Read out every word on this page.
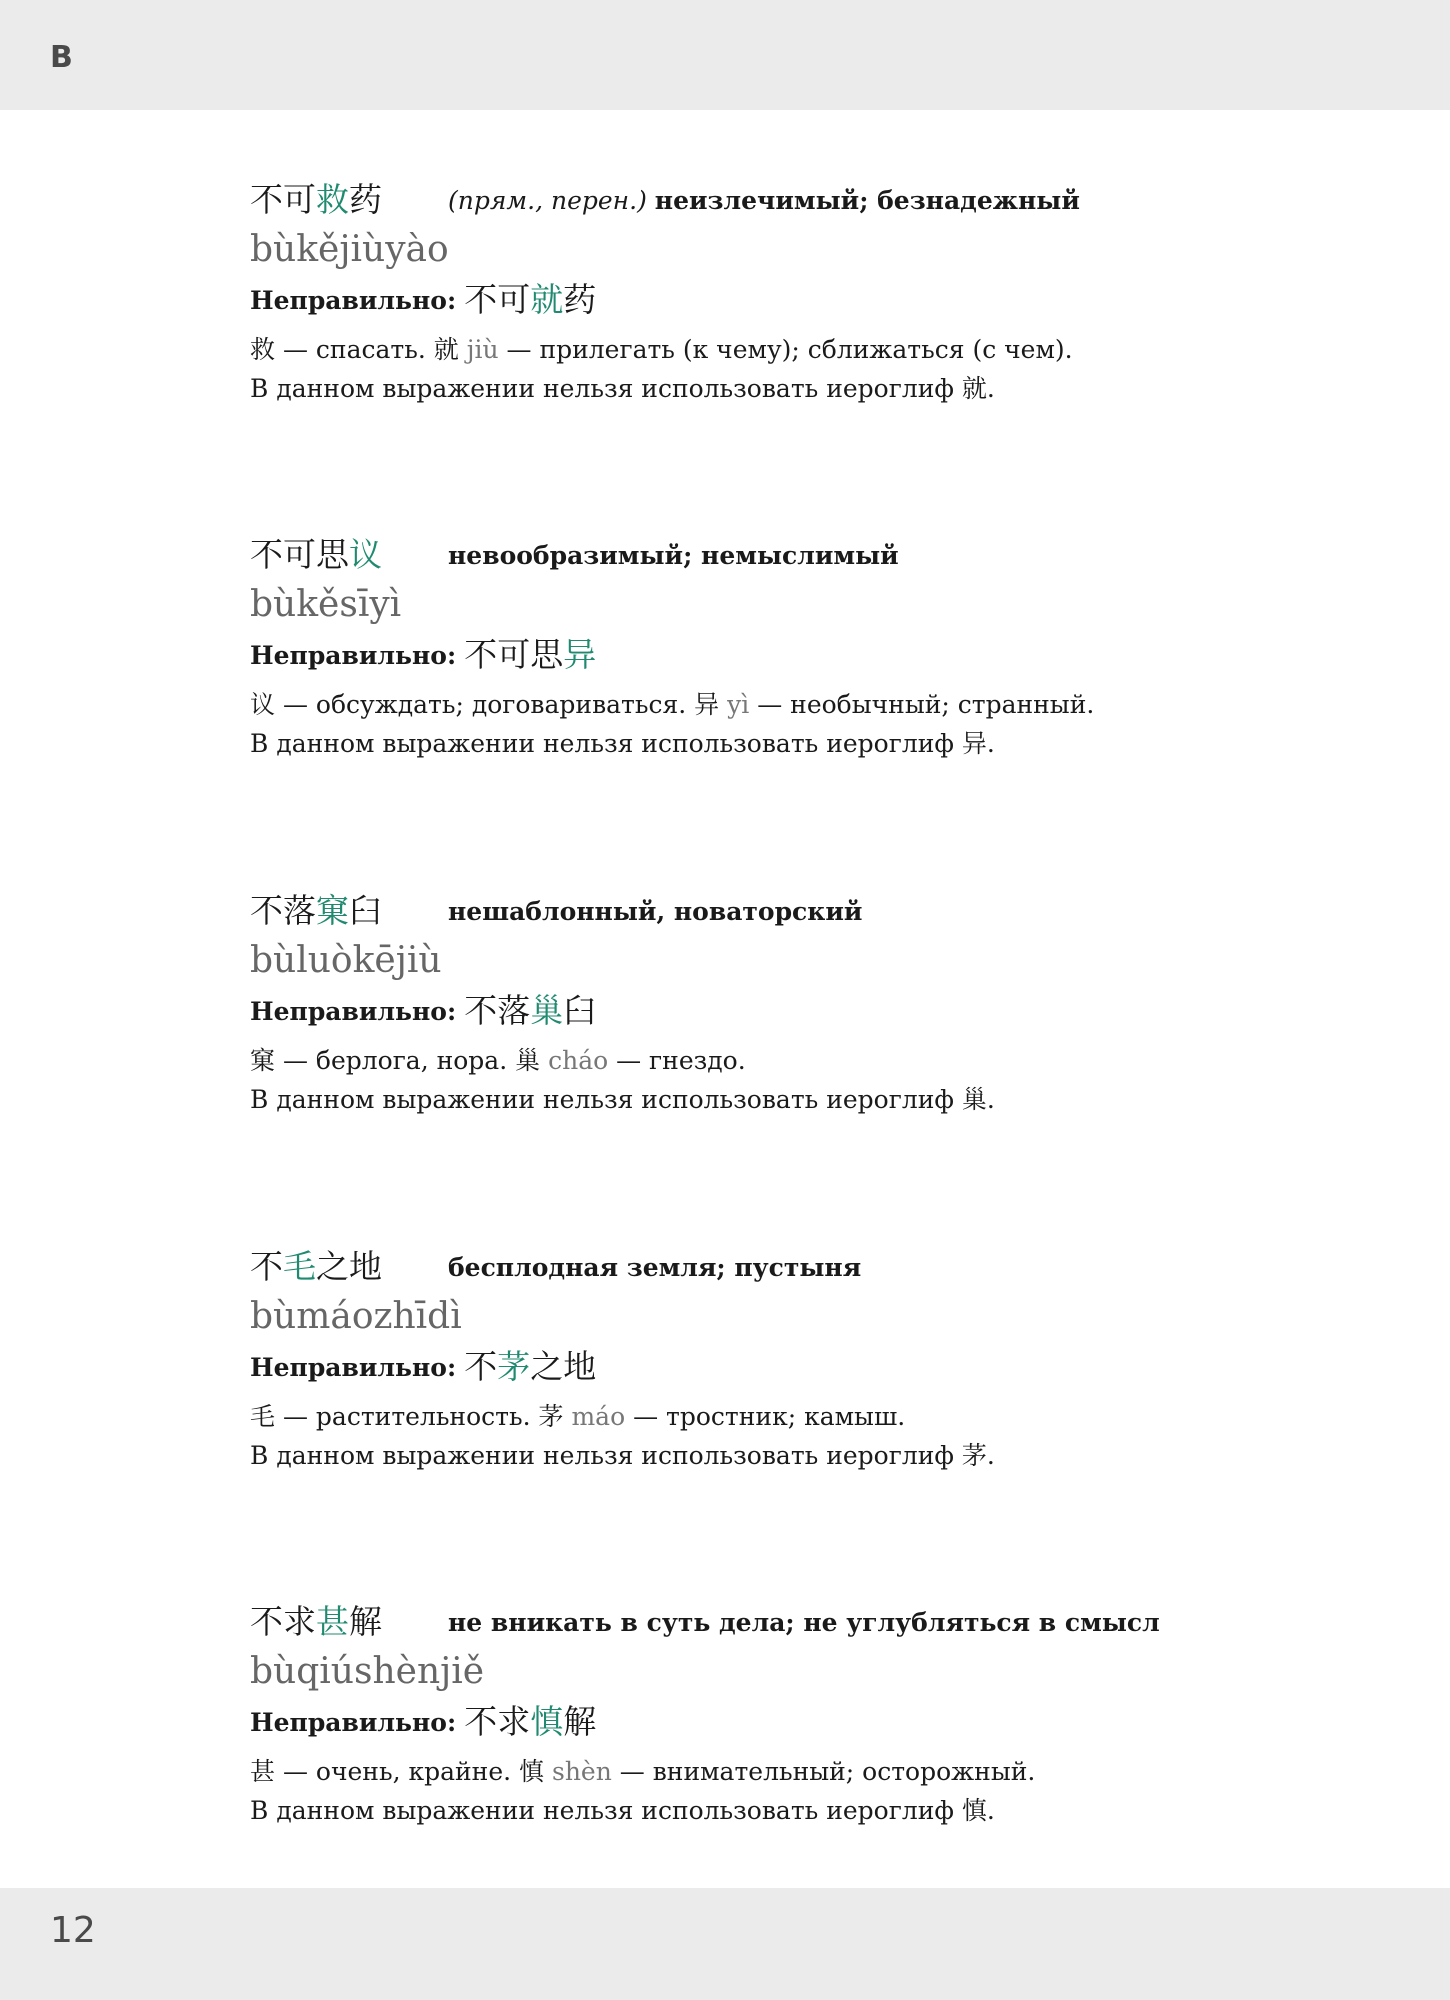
B
不可救药	(прям., перен.) неизлечимый; безнадежный
bùkějiùyào
Неправильно: 不可就药
救 — спасать. 就 jiù — прилегать (к чему); сближаться (с чем).
В данном выражении нельзя использовать иероглиф 就.
不可思议	невообразимый; немыслимый
bùkěsīyì
Неправильно: 不可思异
议 — обсуждать; договариваться. 异 yì — необычный; странный.
В данном выражении нельзя использовать иероглиф 异.
不落窠臼	нешаблонный, новаторский
bùluòkējiù
Неправильно: 不落巢臼
窠 — берлога, нора. 巢 cháo — гнездо.
В данном выражении нельзя использовать иероглиф 巢.
不毛之地	бесплодная земля; пустыня
bùmáozhīdì
Неправильно: 不茅之地
毛 — растительность. 茅 máo — тростник; камыш.
В данном выражении нельзя использовать иероглиф 茅.
不求甚解	не вникать в суть дела; не углубляться в смысл
bùqiúshènjiě
Неправильно: 不求慎解
甚 — очень, крайне. 慎 shèn — внимательный; осторожный.
В данном выражении нельзя использовать иероглиф 慎.
12
